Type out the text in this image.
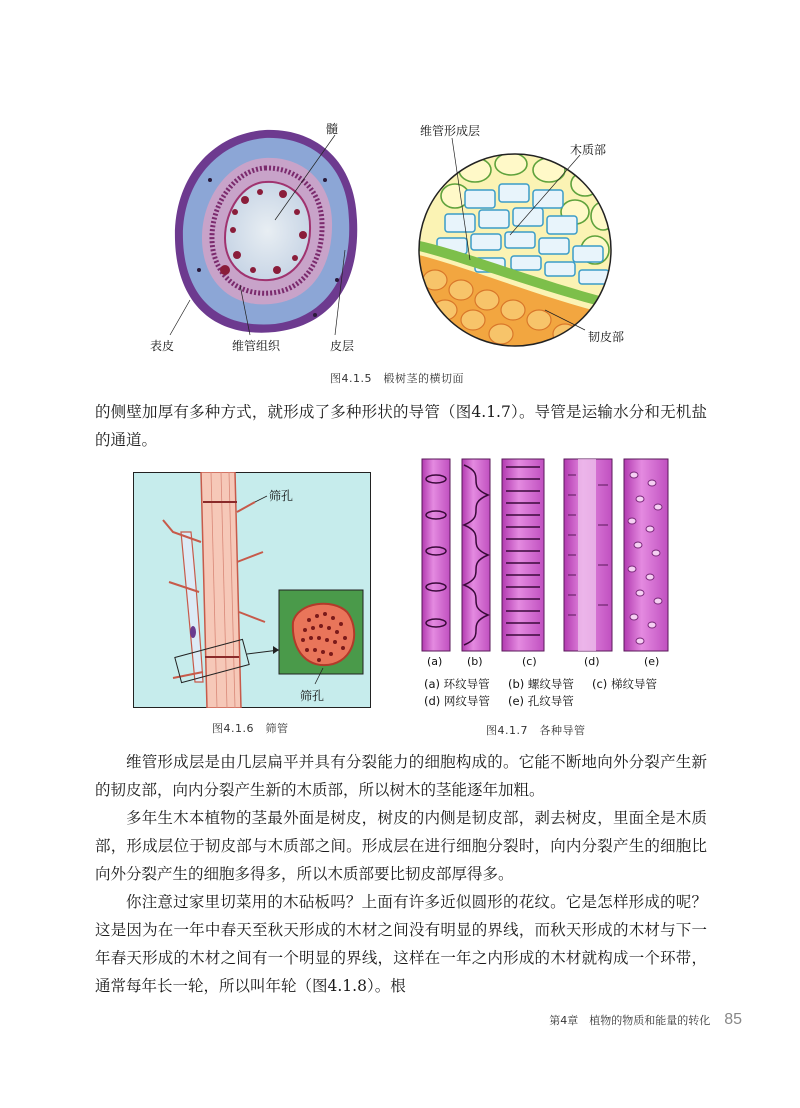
髓
表皮	维管组织	皮层
维管形成层
木质部
韧皮部
图4.1.5　椴树茎的横切面

的侧壁加厚有多种方式，就形成了多种形状的导管（图4.1.7）。导管是运输水分和无机盐的通道。

筛孔
筛孔
图4.1.6　筛管
(a) (b)	(c)	(d)	(e)
(a) 环纹导管 (b) 螺纹导管 (c) 梯纹导管
(d) 网纹导管 (e) 孔纹导管
图4.1.7　各种导管

维管形成层是由几层扁平并具有分裂能力的细胞构成的。它能不断地向外分裂产生新的韧皮部，向内分裂产生新的木质部，所以树木的茎能逐年加粗。

多年生木本植物的茎最外面是树皮，树皮的内侧是韧皮部，剥去树皮，里面全是木质部，形成层位于韧皮部与木质部之间。形成层在进行细胞分裂时，向内分裂产生的细胞比向外分裂产生的细胞多得多，所以木质部要比韧皮部厚得多。

你注意过家里切菜用的木砧板吗？上面有许多近似圆形的花纹。它是怎样形成的呢？这是因为在一年中春天至秋天形成的木材之间没有明显的界线，而秋天形成的木材与下一年春天形成的木材之间有一个明显的界线，这样在一年之内形成的木材就构成一个环带，通常每年长一轮，所以叫年轮（图4.1.8）。根

第4章　植物的物质和能量的转化 85
